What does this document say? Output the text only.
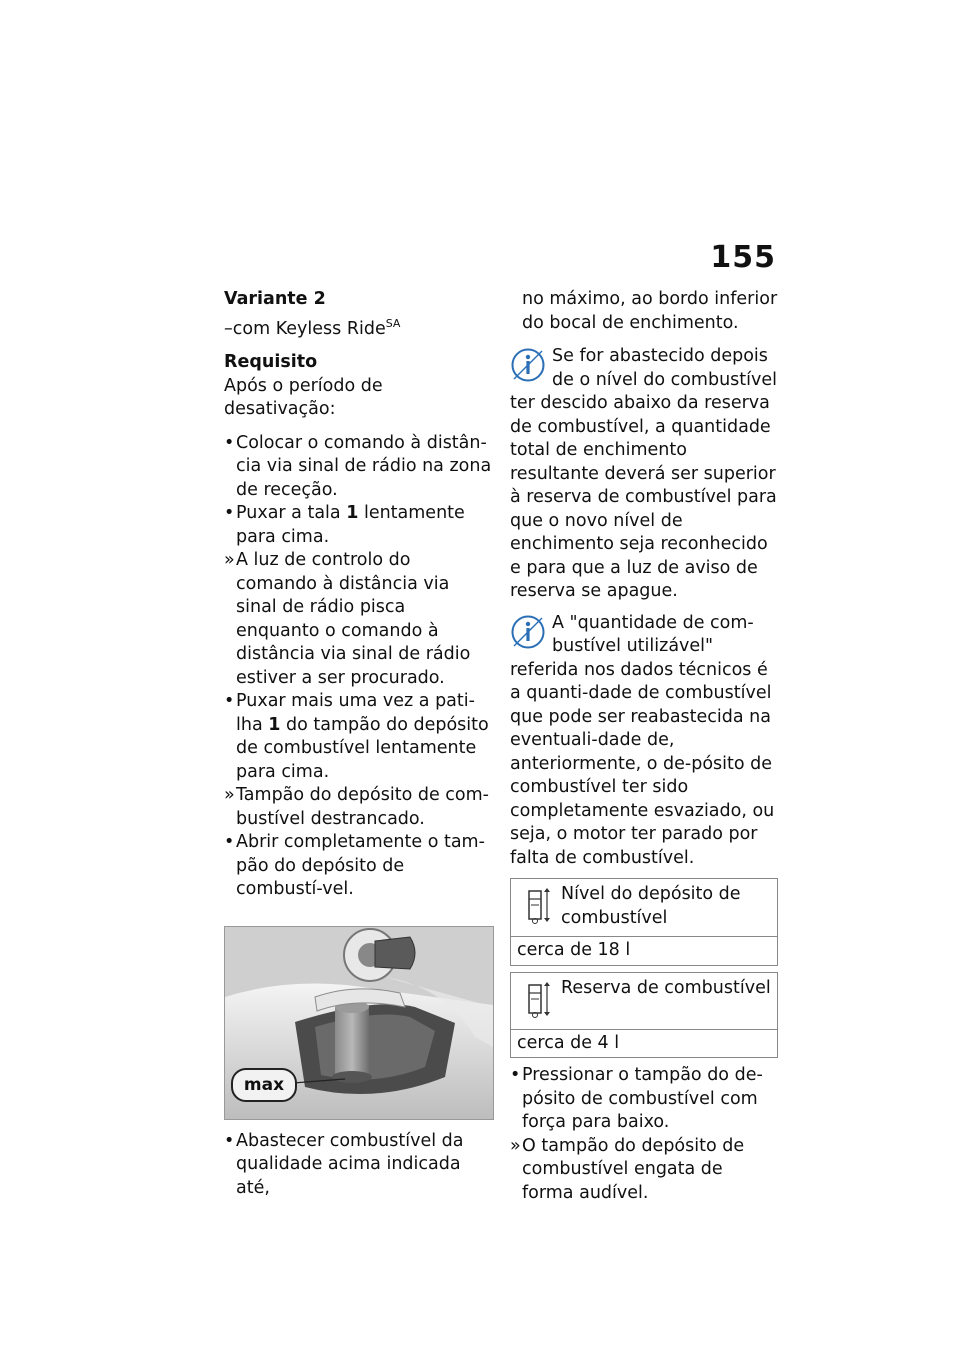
155
Variante 2
–com Keyless Ride$^{SA}$
Requisito
Após o período de desativação:
• Colocar o comando à distân-cia via sinal de rádio na zona de receção.
• Puxar a tala 1 lentamente para cima.
» A luz de controlo do comando à distância via sinal de rádio pisca enquanto o comando à distância via sinal de rádio estiver a ser procurado.
• Puxar mais uma vez a pati-lha 1 do tampão do depósito de combustível lentamente para cima.
» Tampão do depósito de com-bustível destrancado.
• Abrir completamente o tam-pão do depósito de combustí-vel.
max
• Abastecer combustível da qualidade acima indicada até,
no máximo, ao bordo inferior do bocal de enchimento.
Se for abastecido depois de o nível do combustível ter descido abaixo da reserva de combustível, a quantidade total de enchimento resultante deverá ser superior à reserva de combustível para que o novo nível de enchimento seja reconhecido e para que a luz de aviso de reserva se apague.
A "quantidade de com-bustível utilizável" referida nos dados técnicos é a quanti-dade de combustível que pode ser reabastecida na eventuali-dade de, anteriormente, o de-pósito de combustível ter sido completamente esvaziado, ou seja, o motor ter parado por falta de combustível.
Nível do depósito de combustível
cerca de 18 l
Reserva de combustível
cerca de 4 l
• Pressionar o tampão do de-pósito de combustível com força para baixo.
» O tampão do depósito de combustível engata de forma audível.
